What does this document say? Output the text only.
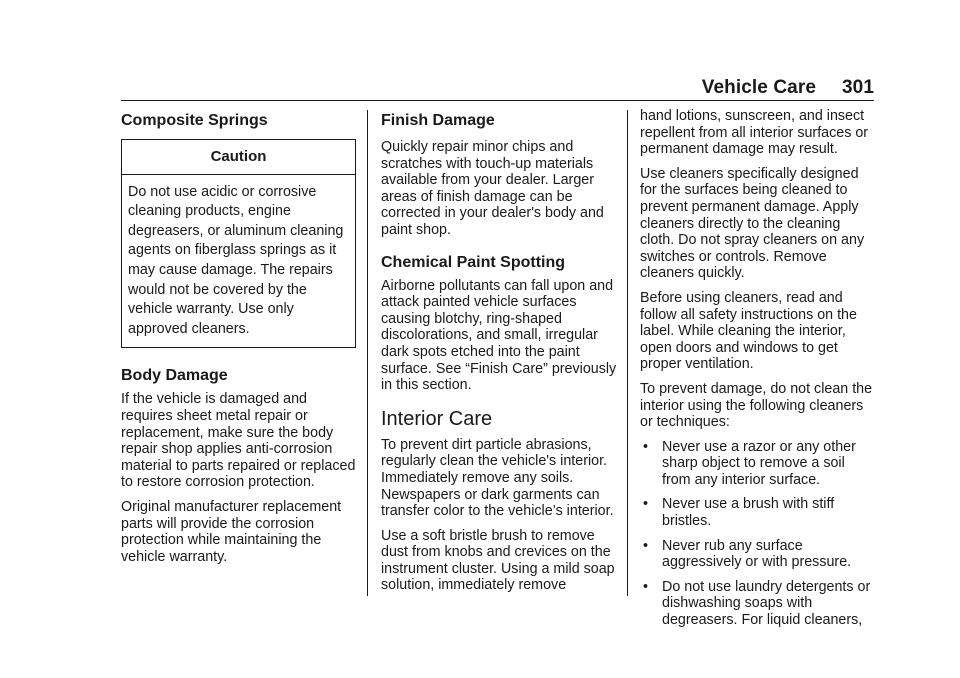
Vehicle Care 301
Composite Springs
Caution
Do not use acidic or corrosive cleaning products, engine degreasers, or aluminum cleaning agents on fiberglass springs as it may cause damage. The repairs would not be covered by the vehicle warranty. Use only approved cleaners.
Body Damage

If the vehicle is damaged and requires sheet metal repair or replacement, make sure the body repair shop applies anti-corrosion material to parts repaired or replaced to restore corrosion protection.

Original manufacturer replacement parts will provide the corrosion protection while maintaining the vehicle warranty.

Finish Damage

Quickly repair minor chips and scratches with touch-up materials available from your dealer. Larger areas of finish damage can be corrected in your dealer's body and paint shop.

Chemical Paint Spotting

Airborne pollutants can fall upon and attack painted vehicle surfaces causing blotchy, ring-shaped discolorations, and small, irregular dark spots etched into the paint surface. See “Finish Care” previously in this section.

Interior Care

To prevent dirt particle abrasions, regularly clean the vehicle's interior. Immediately remove any soils. Newspapers or dark garments can transfer color to the vehicle’s interior.

Use a soft bristle brush to remove dust from knobs and crevices on the instrument cluster. Using a mild soap solution, immediately remove

hand lotions, sunscreen, and insect repellent from all interior surfaces or permanent damage may result.

Use cleaners specifically designed for the surfaces being cleaned to prevent permanent damage. Apply cleaners directly to the cleaning cloth. Do not spray cleaners on any switches or controls. Remove cleaners quickly.

Before using cleaners, read and follow all safety instructions on the label. While cleaning the interior, open doors and windows to get proper ventilation.

To prevent damage, do not clean the interior using the following cleaners or techniques:

• Never use a razor or any other sharp object to remove a soil from any interior surface.
• Never use a brush with stiff bristles.
• Never rub any surface aggressively or with pressure.
• Do not use laundry detergents or dishwashing soaps with degreasers. For liquid cleaners,
